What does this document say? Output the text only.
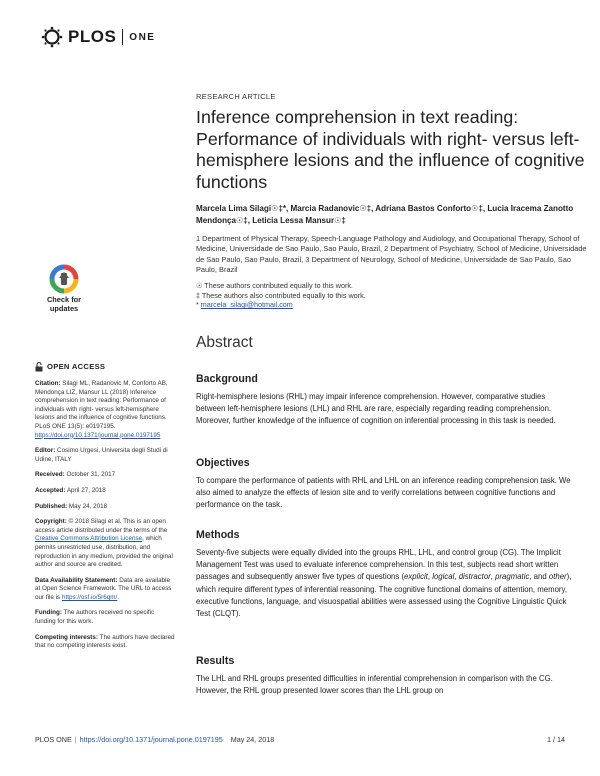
PLOS ONE
RESEARCH ARTICLE
Inference comprehension in text reading: Performance of individuals with right- versus left-hemisphere lesions and the influence of cognitive functions
Marcela Lima Silagi☉‡*, Marcia Radanovic☉‡, Adriana Bastos Conforto☉‡, Lucia Iracema Zanotto Mendonça☉‡, Leticia Lessa Mansur☉‡
1 Department of Physical Therapy, Speech-Language Pathology and Audiology, and Occupational Therapy, School of Medicine, Universidade de Sao Paulo, Sao Paulo, Brazil, 2 Department of Psychiatry, School of Medicine, Universidade de Sao Paulo, Sao Paulo, Brazil, 3 Department of Neurology, School of Medicine, Universidade de Sao Paulo, Sao Paulo, Brazil
☉ These authors contributed equally to this work.
‡ These authors also contributed equally to this work.
* marcela_silagi@hotmail.com
Check for
updates
OPEN ACCESS

Citation: Silagi ML, Radanovic M, Conforto AB, Mendonça LIZ, Mansur LL (2018) Inference comprehension in text reading: Performance of individuals with right- versus left-hemisphere lesions and the influence of cognitive functions. PLoS ONE 13(5): e0197195. https://doi.org/10.1371/journal.pone.0197195

Editor: Cosimo Urgesi, Universita degli Studi di Udine, ITALY

Received: October 31, 2017

Accepted: April 27, 2018

Published: May 24, 2018

Copyright: © 2018 Silagi et al. This is an open access article distributed under the terms of the Creative Commons Attribution License, which permits unrestricted use, distribution, and reproduction in any medium, provided the original author and source are credited.

Data Availability Statement: Data are available at Open Science Framework. The URL to access our file is https://osf.io/5r6qm/.

Funding: The authors received no specific funding for this work.

Competing interests: The authors have declared that no competing interests exist.

Abstract
Background

Right-hemisphere lesions (RHL) may impair inference comprehension. However, comparative studies between left-hemisphere lesions (LHL) and RHL are rare, especially regarding reading comprehension. Moreover, further knowledge of the influence of cognition on inferential processing in this task is needed.

Objectives

To compare the performance of patients with RHL and LHL on an inference reading comprehension task. We also aimed to analyze the effects of lesion site and to verify correlations between cognitive functions and performance on the task.

Methods

Seventy-five subjects were equally divided into the groups RHL, LHL, and control group (CG). The Implicit Management Test was used to evaluate inference comprehension. In this test, subjects read short written passages and subsequently answer five types of questions (explicit, logical, distractor, pragmatic, and other), which require different types of inferential reasoning. The cognitive functional domains of attention, memory, executive functions, language, and visuospatial abilities were assessed using the Cognitive Linguistic Quick Test (CLQT).

Results

The LHL and RHL groups presented difficulties in inferential comprehension in comparison with the CG. However, the RHL group presented lower scores than the LHL group on

PLOS ONE | https://doi.org/10.1371/journal.pone.0197195 May 24, 2018	1 / 14
